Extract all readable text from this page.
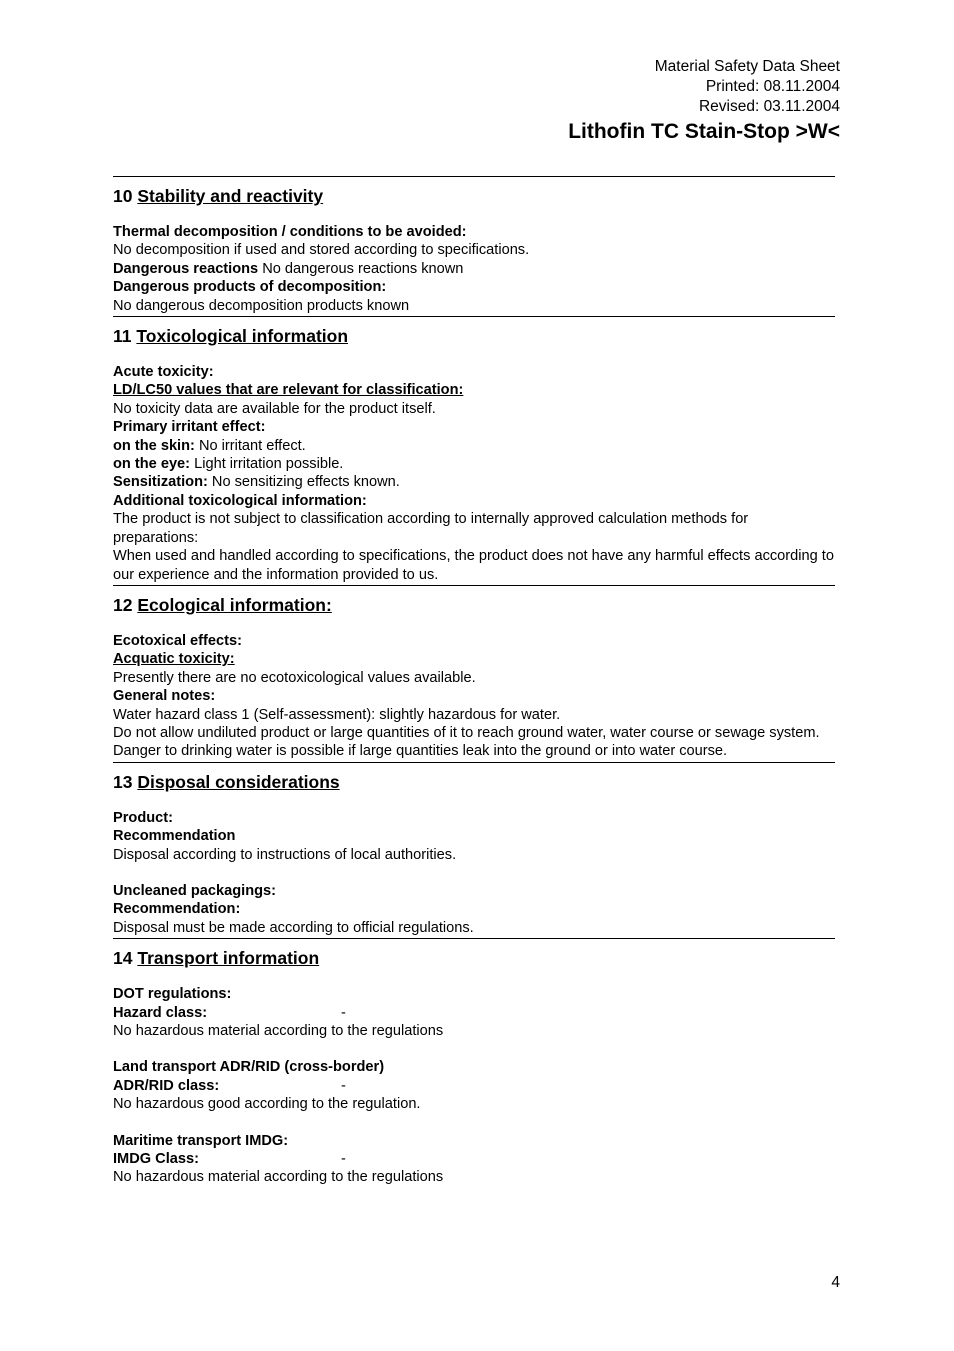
Material Safety Data Sheet
Printed: 08.11.2004
Revised: 03.11.2004
Lithofin TC Stain-Stop >W<
10 Stability and reactivity
Thermal decomposition / conditions to be avoided:
No decomposition if used and stored according to specifications.
Dangerous reactions No dangerous reactions known
Dangerous products of decomposition:
No dangerous decomposition products known
11 Toxicological information
Acute toxicity:
LD/LC50 values that are relevant for classification:
No toxicity data are available for the product itself.
Primary irritant effect:
on the skin: No irritant effect.
on the eye: Light irritation possible.
Sensitization: No sensitizing effects known.
Additional toxicological information:
The product is not subject to classification according to internally approved calculation methods for preparations:
When used and handled according to specifications, the product does not have any harmful effects according to our experience and the information provided to us.
12 Ecological information:
Ecotoxical effects:
Acquatic toxicity:
Presently there are no ecotoxicological values available.
General notes:
Water hazard class 1 (Self-assessment): slightly hazardous for water.
Do not allow undiluted product or large quantities of it to reach ground water, water course or sewage system. Danger to drinking water is possible if large quantities leak into the ground or into water course.
13 Disposal considerations
Product:
Recommendation
Disposal according to instructions of local authorities.
Uncleaned packagings:
Recommendation:
Disposal must be made according to official regulations.
14 Transport information
DOT regulations:
Hazard class:	-
No hazardous material according to the regulations
Land transport ADR/RID (cross-border)
ADR/RID class:	-
No hazardous good according to the regulation.
Maritime transport IMDG:
IMDG Class:	-
No hazardous material according to the regulations
4
